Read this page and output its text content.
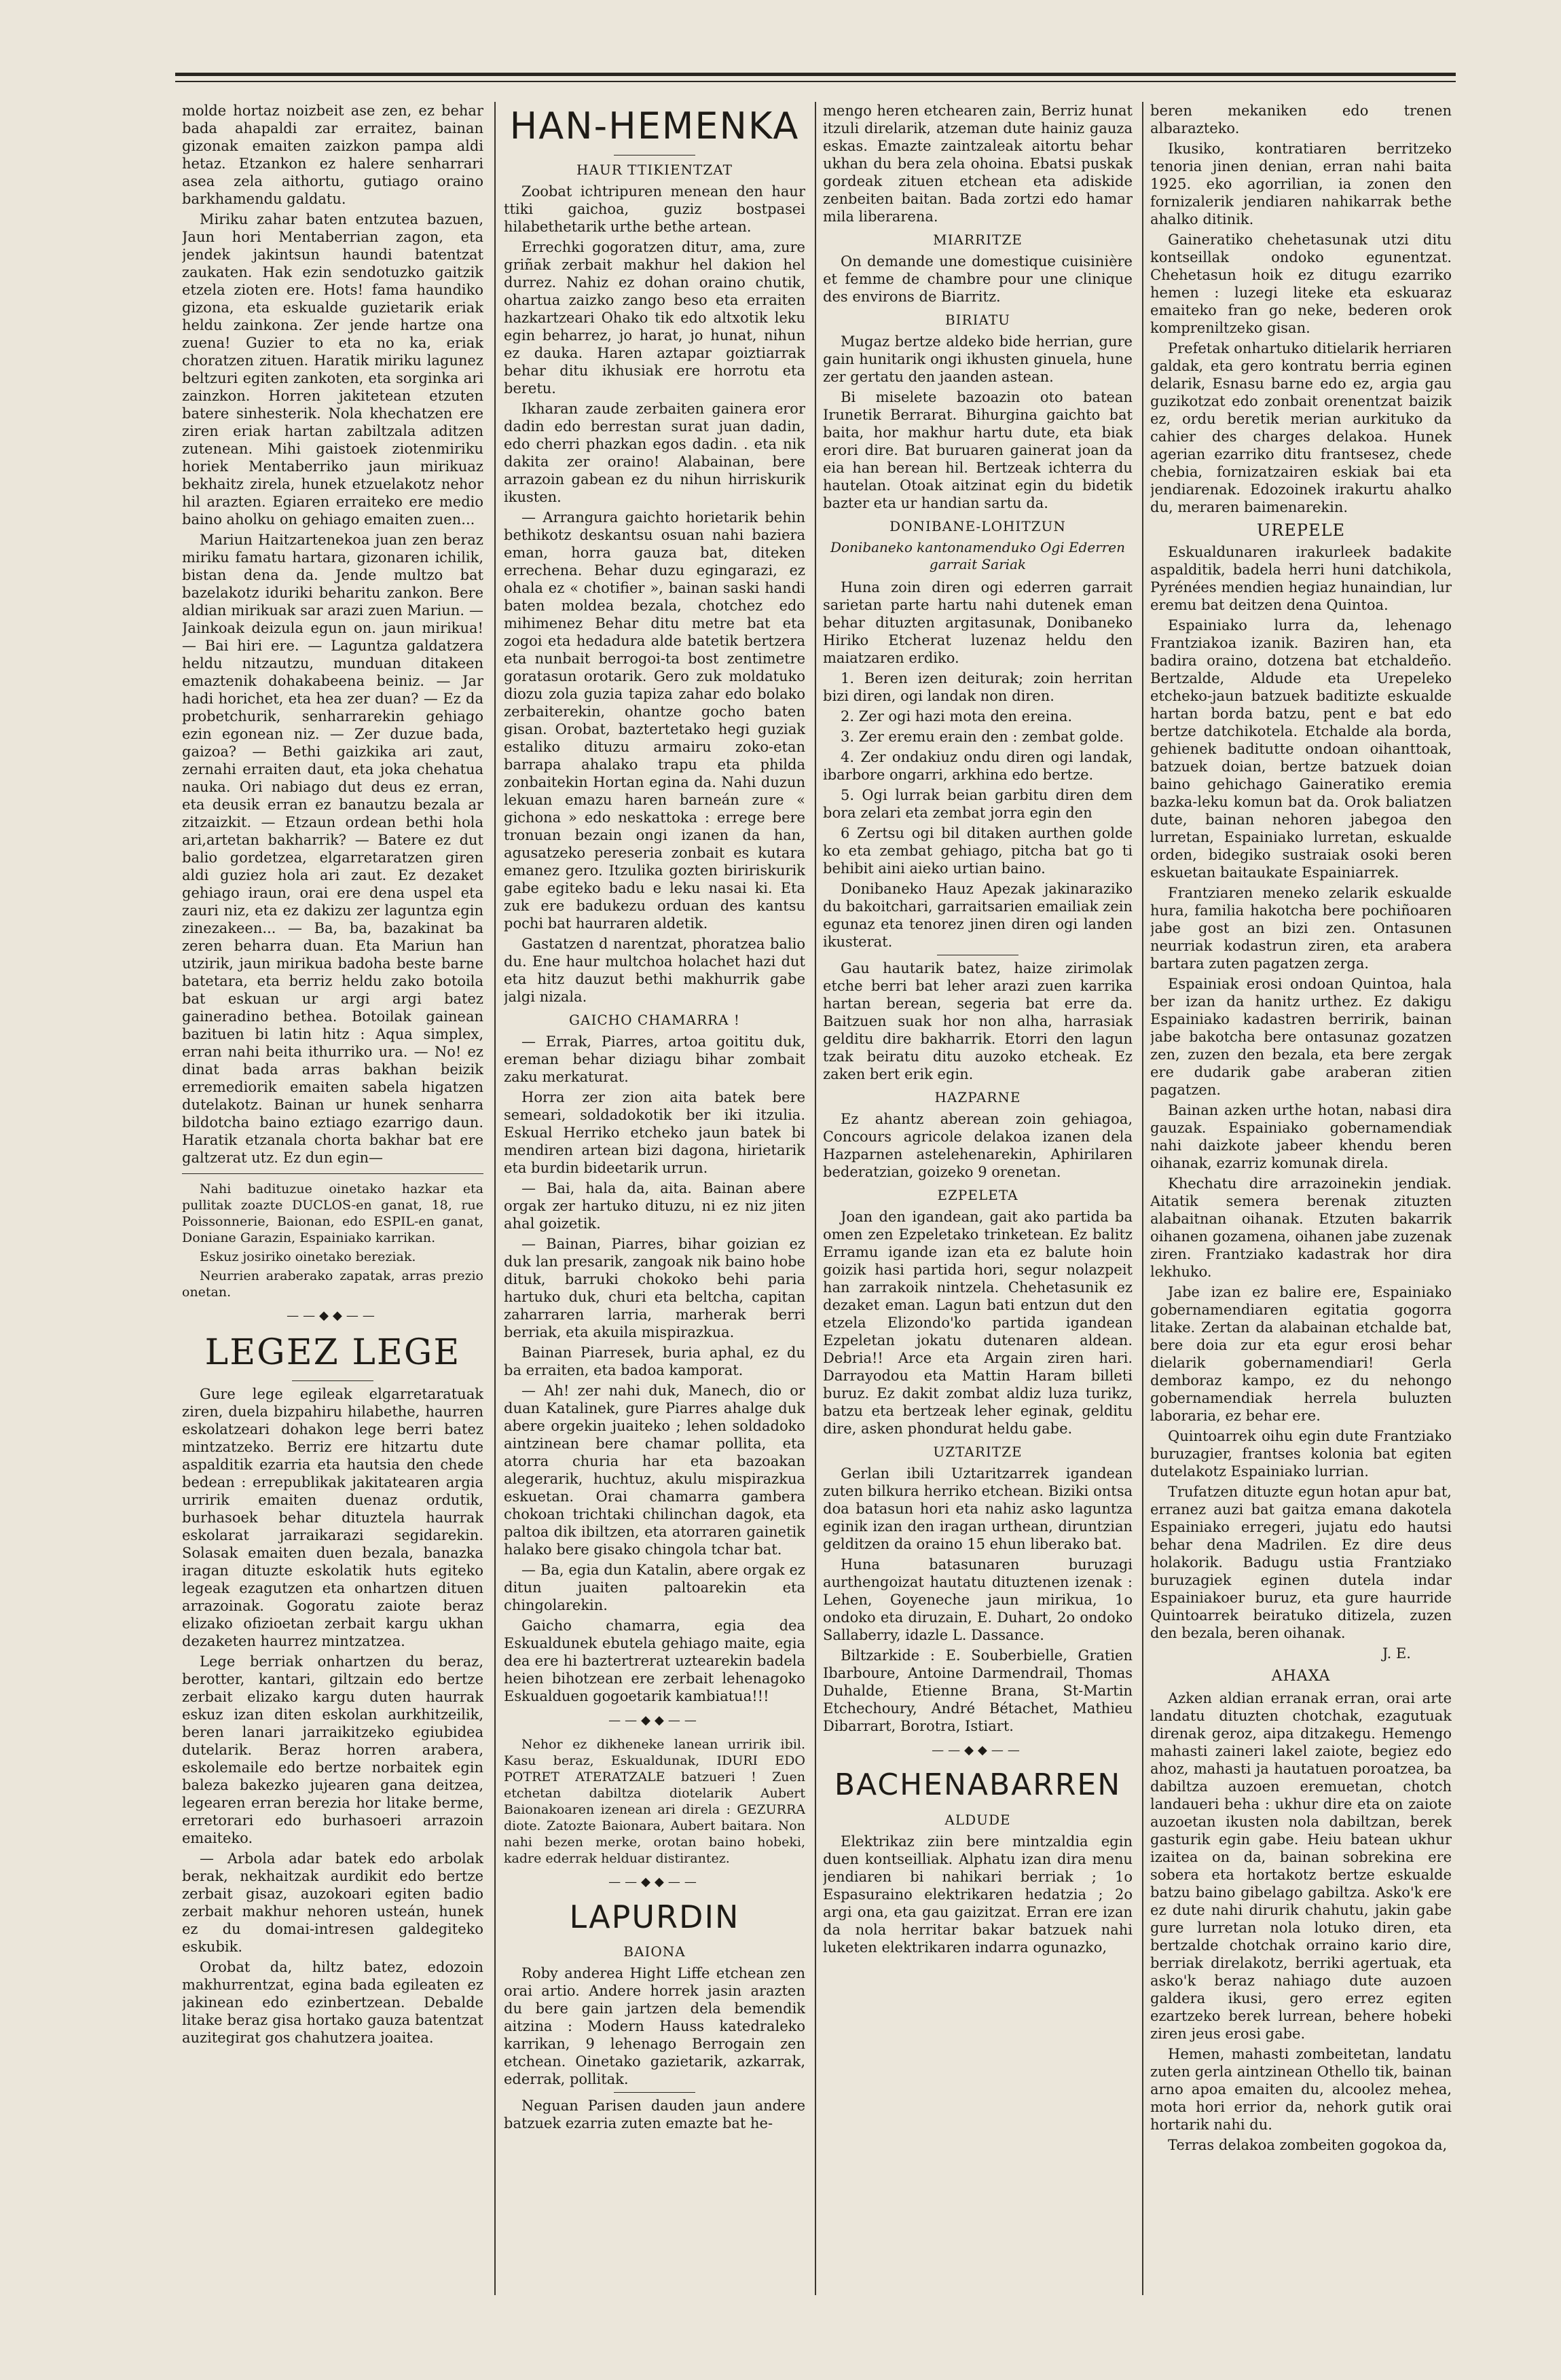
molde hortaz noizbeit ase zen, ez behar bada ahapaldi zar erraitez, bainan gizonak emaiten zaizkon pampa aldi hetaz. Etzankon ez halere senharrari asea zela aithortu, gutiago oraino barkhamendu galdatu.

Miriku zahar baten entzutea bazuen, Jaun hori Mentaberrian zagon, eta jendek jakintsun haundi batentzat zaukaten. Hak ezin sendotuzko gaitzik etzela zioten ere. Hots! fama haundiko gizona, eta eskualde guzietarik eriak heldu zainkona. Zer jende hartze ona zuena! Guzier to eta no ka, eriak choratzen zituen. Haratik miriku lagunez beltzuri egiten zankoten, eta sorginka ari zainzkon. Horren jakitetean etzuten batere sinhesterik. Nola khechatzen ere ziren eriak hartan zabiltzala aditzen zutenean. Mihi gaistoek ziotenmiriku horiek Mentaberriko jaun mirikuaz bekhaitz zirela, hunek etzuelakotz nehor hil arazten. Egiaren erraiteko ere medio baino aholku on gehiago emaiten zuen...

Mariun Haitzartenekoa juan zen beraz miriku famatu hartara, gizonaren ichilik, bistan dena da. Jende multzo bat bazelakotz iduriki beharitu zankon. Bere aldian mirikuak sar arazi zuen Mariun. — Jainkoak deizula egun on. jaun mirikua! — Bai hiri ere. — Laguntza galdatzera heldu nitzautzu, munduan ditakeen emaztenik dohakabeena beiniz. — Jar hadi horichet, eta hea zer duan? — Ez da probetchurik, senharrarekin gehiago ezin egonean niz. — Zer duzue bada, gaizoa? — Bethi gaizkika ari zaut, zernahi erraiten daut, eta joka chehatua nauka. Ori nabiago dut deus ez erran, eta deusik erran ez banautzu bezala ar zitzaizkit. — Etzaun ordean bethi hola ari,artetan bakharrik? — Batere ez dut balio gordetzea, elgarretaratzen giren aldi guziez hola ari zaut. Ez dezaket gehiago iraun, orai ere dena uspel eta zauri niz, eta ez dakizu zer laguntza egin zinezakeen... — Ba, ba, bazakinat ba zeren beharra duan. Eta Mariun han utzirik, jaun mirikua badoha beste barne batetara, eta berriz heldu zako botoila bat eskuan ur argi argi batez gaineradino bethea. Botoilak gainean bazituen bi latin hitz : Aqua simplex, erran nahi beita ithurriko ura. — No! ez dinat bada arras bakhan beizik erremediorik emaiten sabela higatzen dutelakotz. Bainan ur hunek senharra bildotcha baino eztiago ezarrigo daun. Haratik etzanala chorta bakhar bat ere galtzerat utz. Ez dun egin—

Nahi badituzue oinetako hazkar eta pullitak zoazte DUCLOS-en ganat, 18, rue Poissonnerie, Baionan, edo ESPIL-en ganat, Doniane Garazin, Espainiako karrikan.

Eskuz josiriko oinetako bereziak.

Neurrien araberako zapatak, arras prezio onetan.

——◆◆——
LEGEZ LEGE

Gure lege egileak elgarretaratuak ziren, duela bizpahiru hilabethe, haurren eskolatzeari dohakon lege berri batez mintzatzeko. Berriz ere hitzartu dute aspalditik ezarria eta hautsia den chede bedean : errepublikak jakitatearen argia urririk emaiten duenaz ordutik, burhasoek behar dituztela haurrak eskolarat jarraikarazi segidarekin. Solasak emaiten duen bezala, banazka iragan dituzte eskolatik huts egiteko legeak ezagutzen eta onhartzen dituen arrazoinak. Gogoratu zaiote beraz elizako ofizioetan zerbait kargu ukhan dezaketen haurrez mintzatzea.

Lege berriak onhartzen du beraz, berotter, kantari, giltzain edo bertze zerbait elizako kargu duten haurrak eskuz izan diten eskolan aurkhitzeilik, beren lanari jarraikitzeko egiubidea dutelarik. Beraz horren arabera, eskolemaile edo bertze norbaitek egin baleza bakezko jujearen gana deitzea, legearen erran berezia hor litake berme, erretorari edo burhasoeri arrazoin emaiteko.

— Arbola adar batek edo arbolak berak, nekhaitzak aurdikit edo bertze zerbait gisaz, auzokoari egiten badio zerbait makhur nehoren usteán, hunek ez du domai-intresen galdegiteko eskubik.

Orobat da, hiltz batez, edozoin makhurrentzat, egina bada egileaten ez jakinean edo ezinbertzean. Debalde litake beraz gisa hortako gauza batentzat auzitegirat gos chahutzera joaitea.

HAN-HEMENKA
HAUR TTIKIENTZAT

Zoobat ichtripuren menean den haur ttiki gaichoa, guziz bostpasei hilabethetarik urthe bethe artean.

Errechki gogoratzen dituт, ama, zure griñak zerbait makhur hel dakion hel durrez. Nahiz ez dohan oraino chutik, ohartua zaizko zango beso eta erraiten hazkartzeari Ohako tik edo altxotik leku egin beharrez, jo harat, jo hunat, nihun ez dauka. Haren aztapar goiztiarrak behar ditu ikhusiak ere horrotu eta beretu.

Ikharan zaude zerbaiten gainera eror dadin edo berrestan surat juan dadin, edo cherri phazkan egos dadin. . eta nik dakita zer oraino! Alabainan, bere arrazoin gabean ez du nihun hirriskurik ikusten.

— Arrangura gaichto horietarik behin bethikotz deskantsu osuan nahi baziera eman, horra gauza bat, diteken errechena. Behar duzu egingarazi, ez ohala ez « chotifier », bainan saski handi baten moldea bezala, chotchez edo mihimenez Behar ditu metre bat eta zogoi eta hedadura alde batetik bertzera eta nunbait berrogoi-ta bost zentimetre goratasun orotarik. Gero zuk moldatuko diozu zola guzia tapiza zahar edo bolako zerbaiterekin, ohantze gocho baten gisan. Orobat, baztertetako hegi guziak estaliko dituzu armairu zoko-etan barrapa ahalako trapu eta philda zonbaitekin Hortan egina da. Nahi duzun lekuan emazu haren barneán zure « gichona » edo neskattoka : errege bere tronuan bezain ongi izanen da han, agusatzeko pereseria zonbait es kutara emanez gero. Itzulika gozten biririskurik gabe egiteko badu e leku nasai ki. Eta zuk ere badukezu orduan des kantsu pochi bat haurraren aldetik.

Gastatzen d narentzat, phoratzea balio du. Ene haur multchoa holachet hazi dut eta hitz dauzut bethi makhurrik gabe jalgi nizala.

GAICHO CHAMARRA !

— Errak, Piarres, artoa goititu duk, ereman behar diziagu bihar zombait zaku merkaturat.

Horra zer zion aita batek bere semeari, soldadokotik ber iki itzulia. Eskual Herriko etcheko jaun batek bi mendiren artean bizi dagona, hirietarik eta burdin bideetarik urrun.

— Bai, hala da, aita. Bainan abere orgak zer hartuko dituzu, ni ez niz jiten ahal goizetik.

— Bainan, Piarres, bihar goizian ez duk lan presarik, zangoak nik baino hobe dituk, barruki chokoko behi paria hartuko duk, churi eta beltcha, capitan zaharraren larria, marherak berri berriak, eta akuila mispirazkua.

Bainan Piarresek, buria aphal, ez du ba erraiten, eta badoa kamporat.

— Ah! zer nahi duk, Manech, dio or duan Katalinek, gure Piarres ahalge duk abere orgekin juaiteko ; lehen soldadoko aintzinean bere chamar pollita, eta atorra churia har eta bazoakan alegerarik, huchtuz, akulu mispirazkua eskuetan. Orai chamarra gambera chokoan trichtaki chilinchan dagok, eta paltoa dik ibiltzen, eta atorraren gainetik halako bere gisako chingola tchar bat.

— Ba, egia dun Katalin, abere orgak ez ditun juaiten paltoarekin eta chingolarekin.

Gaicho chamarra, egia dea Eskualdunek ebutela gehiago maite, egia dea ere hi baztertrerat uztearekin badela heien bihotzean ere zerbait lehenagoko Eskualduen gogoetarik kambiatua!!!

——◆◆——

Nehor ez dikheneke lanean urririk ibil. Kasu beraz, Eskualdunak, IDURI EDO POTRET ATERATZALE batzueri ! Zuen etchetan dabiltza diotelarik Aubert Baionakoaren izenean ari direla : GEZURRA diote. Zatozte Baionara, Aubert baitara. Non nahi bezen merke, orotan baino hobeki, kadre ederrak helduar distirantez.

——◆◆——
LAPURDIN
BAIONA

Roby anderea Hight Liffe etchean zen orai artio. Andere horrek jasin arazten du bere gain jartzen dela bemendik aitzina : Modern Hauss katedraleko karrikan, 9 lehenago Berrogain zen etchean. Oinetako gazietarik, azkarrak, ederrak, pollitak.

Neguan Parisen dauden jaun andere batzuek ezarria zuten emazte bat he-

mengo heren etchearen zain, Berriz hunat itzuli direlarik, atzeman dute hainiz gauza eskas. Emazte zaintzaleak aitortu behar ukhan du bera zela ohoina. Ebatsi puskak gordeak zituen etchean eta adiskide zenbeiten baitan. Bada zortzi edo hamar mila liberarena.

MIARRITZE

On demande une domestique cuisinière et femme de chambre pour une clinique des environs de Biarritz.

BIRIATU

Mugaz bertze aldeko bide herrian, gure gain hunitarik ongi ikhusten ginuela, hune zer gertatu den jaanden astean.

Bi miselete bazoazin oto batean Irunetik Berrarat. Bihurgina gaichto bat baita, hor makhur hartu dute, eta biak erori dire. Bat buruaren gainerat joan da eia han berean hil. Bertzeak ichterra du hautelan. Otoak aitzinat egin du bidetik bazter eta ur handian sartu da.

DONIBANE-LOHITZUN
Donibaneko kantonamenduko Ogi Ederren garrait Sariak

Huna zoin diren ogi ederren garrait sarietan parte hartu nahi dutenek eman behar dituzten argitasunak, Donibaneko Hiriko Etcherat luzenaz heldu den maiatzaren erdiko.

1. Beren izen deiturak; zoin herritan bizi diren, ogi landak non diren.

2. Zer ogi hazi mota den ereina.

3. Zer eremu erain den : zembat golde.

4. Zer ondakiuz ondu diren ogi landak, ibarbore ongarri, arkhina edo bertze.

5. Ogi lurrak beian garbitu diren dem bora zelari eta zembat jorra egin den

6 Zertsu ogi bil ditaken aurthen golde ko eta zembat gehiago, pitcha bat go ti behibit aini aieko urtian baino.

Donibaneko Hauz Apezak jakinaraziko du bakoitchari, garraitsarien emailiak zein egunaz eta tenorez jinen diren ogi landen ikusterat.

Gau hautarik batez, haize zirimolak etche berri bat leher arazi zuen karrika hartan berean, segeria bat erre da. Baitzuen suak hor non alha, harrasiak gelditu dire bakharrik. Etorri den lagun tzak beiratu ditu auzoko etcheak. Ez zaken bert erik egin.

HAZPARNE

Ez ahantz aberean zoin gehiagoa, Concours agricole delakoa izanen dela Hazparnen astelehenarekin, Aphirilaren bederatzian, goizeko 9 orenetan.

EZPELETA

Joan den igandean, gait ako partida ba omen zen Ezpeletako trinketean. Ez balitz Erramu igande izan eta ez balute hoin goizik hasi partida hori, segur nolazpeit han zarrakoik nintzela. Chehetasunik ez dezaket eman. Lagun bati entzun dut den etzela Elizondo'ko partida igandean Ezpeletan jokatu dutenaren aldean. Debria!! Arce eta Argain ziren hari. Darrayodou eta Mattin Haram billeti buruz. Ez dakit zombat aldiz luza turikz, batzu eta bertzeak leher eginak, gelditu dire, asken phondurat heldu gabe.

UZTARITZE

Gerlan ibili Uztaritzarrek igandean zuten bilkura herriko etchean. Biziki ontsa doa batasun hori eta nahiz asko laguntza eginik izan den iragan urthean, diruntzian gelditzen da oraino 15 ehun liberako bat.

Huna batasunaren buruzagi aurthengoizat hautatu dituztenen izenak : Lehen, Goyeneche jaun mirikua, 1o ondoko eta diruzain, E. Duhart, 2o ondoko Sallaberry, idazle L. Dassance.

Biltzarkide : E. Souberbielle, Gratien Ibarboure, Antoine Darmendrail, Thomas Duhalde, Etienne Brana, St-Martin Etchechoury, André Bétachet, Mathieu Dibarrart, Borotra, Istiart.

——◆◆——
BACHENABARREN
ALDUDE

Elektrikaz ziin bere mintzaldia egin duen kontseilliak. Alphatu izan dira menu jendiaren bi nahikari berriak ; 1o Espasuraino elektrikaren hedatzia ; 2o argi ona, eta gau gaizitzat. Erran ere izan da nola herritar bakar batzuek nahi luketen elektrikaren indarra ogunazko,

beren mekaniken edo trenen albarazteko.

Ikusiko, kontratiaren berritzeko tenoria jinen denian, erran nahi baita 1925. eko agorrilian, ia zonen den fornizalerik jendiaren nahikarrak bethe ahalko ditinik.

Gaineratiko chehetasunak utzi ditu kontseillak ondoko egunentzat. Chehetasun hoik ez ditugu ezarriko hemen : luzegi liteke eta eskuaraz emaiteko fran go neke, bederen orok kompreniltzeko gisan.

Prefetak onhartuko ditielarik herriaren galdak, eta gero kontratu berria eginen delarik, Esnasu barne edo ez, argia gau guzikotzat edo zonbait orenentzat baizik ez, ordu beretik merian aurkituko da cahier des charges delakoa. Hunek agerian ezarriko ditu frantsesez, chede chebia, fornizatzairen eskiak bai eta jendiarenak. Edozoinek irakurtu ahalko du, meraren baimenarekin.

UREPELE

Eskualdunaren irakurleek badakite aspalditik, badela herri huni datchikola, Pyrénées mendien hegiaz hunaindian, lur eremu bat deitzen dena Quintoa.

Espainiako lurra da, lehenago Frantziakoa izanik. Baziren han, eta badira oraino, dotzena bat etchaldeño. Bertzalde, Aldude eta Urepeleko etcheko-jaun batzuek baditizte eskualde hartan borda batzu, pent e bat edo bertze datchikotela. Etchalde ala borda, gehienek baditutte ondoan oihanttoak, batzuek doian, bertze batzuek doian baino gehichago Gaineratiko eremia bazka-leku komun bat da. Orok baliatzen dute, bainan nehoren jabegoa den lurretan, Espainiako lurretan, eskualde orden, bidegiko sustraiak osoki beren eskuetan baitaukate Espainiarrek.

Frantziaren meneko zelarik eskualde hura, familia hakotcha bere pochiñoaren jabe gost an bizi zen. Ontasunen neurriak kodastrun ziren, eta arabera bartara zuten pagatzen zerga.

Espainiak erosi ondoan Quintoa, hala ber izan da hanitz urthez. Ez dakigu Espainiako kadastren berririk, bainan jabe bakotcha bere ontasunaz gozatzen zen, zuzen den bezala, eta bere zergak ere dudarik gabe araberan zitien pagatzen.

Bainan azken urthe hotan, nabasi dira gauzak. Espainiako gobernamendiak nahi daizkote jabeer khendu beren oihanak, ezarriz komunak direla.

Khechatu dire arrazoinekin jendiak. Aitatik semera berenak zituzten alabaitnan oihanak. Etzuten bakarrik oihanen gozamena, oihanen jabe zuzenak ziren. Frantziako kadastrak hor dira lekhuko.

Jabe izan ez balire ere, Espainiako gobernamendiaren egitatia gogorra litake. Zertan da alabainan etchalde bat, bere doia zur eta egur erosi behar dielarik gobernamendiari! Gerla demboraz kampo, ez du nehongo gobernamendiak herrela buluzten laboraria, ez behar ere.

Quintoarrek oihu egin dute Frantziako buruzagier, frantses kolonia bat egiten dutelakotz Espainiako lurrian.

Trufatzen dituzte egun hotan apur bat, erranez auzi bat gaitza emana dakotela Espainiako erregeri, jujatu edo hautsi behar dena Madrilen. Ez dire deus holakorik. Badugu ustia Frantziako buruzagiek eginen dutela indar Espainiakoer buruz, eta gure haurride Quintoarrek beiratuko ditizela, zuzen den bezala, beren oihanak.

J. E.
AHAXA

Azken aldian erranak erran, orai arte landatu dituzten chotchak, ezagutuak direnak geroz, aipa ditzakegu. Hemengo mahasti zaineri lakel zaiote, begiez edo ahoz, mahasti ja hautatuen poroatzea, ba dabiltza auzoen eremuetan, chotch landaueri beha : ukhur dire eta on zaiote auzoetan ikusten nola dabiltzan, berek gasturik egin gabe. Heiu batean ukhur izaitea on da, bainan sobrekina ere sobera eta hortakotz bertze eskualde batzu baino gibelago gabiltza. Asko'k ere ez dute nahi dirurik chahutu, jakin gabe gure lurretan nola lotuko diren, eta bertzalde chotchak orraino kario dire, berriak direlakotz, berriki agertuak, eta asko'k beraz nahiago dute auzoen galdera ikusi, gero errez egiten ezartzeko berek lurrean, behere hobeki ziren jeus erosi gabe.

Hemen, mahasti zombeitetan, landatu zuten gerla aintzinean Othello tik, bainan arno apoa emaiten du, alcoolez mehea, mota hori errior da, nehork gutik orai hortarik nahi du.

Terras delakoa zombeiten gogokoa da,
